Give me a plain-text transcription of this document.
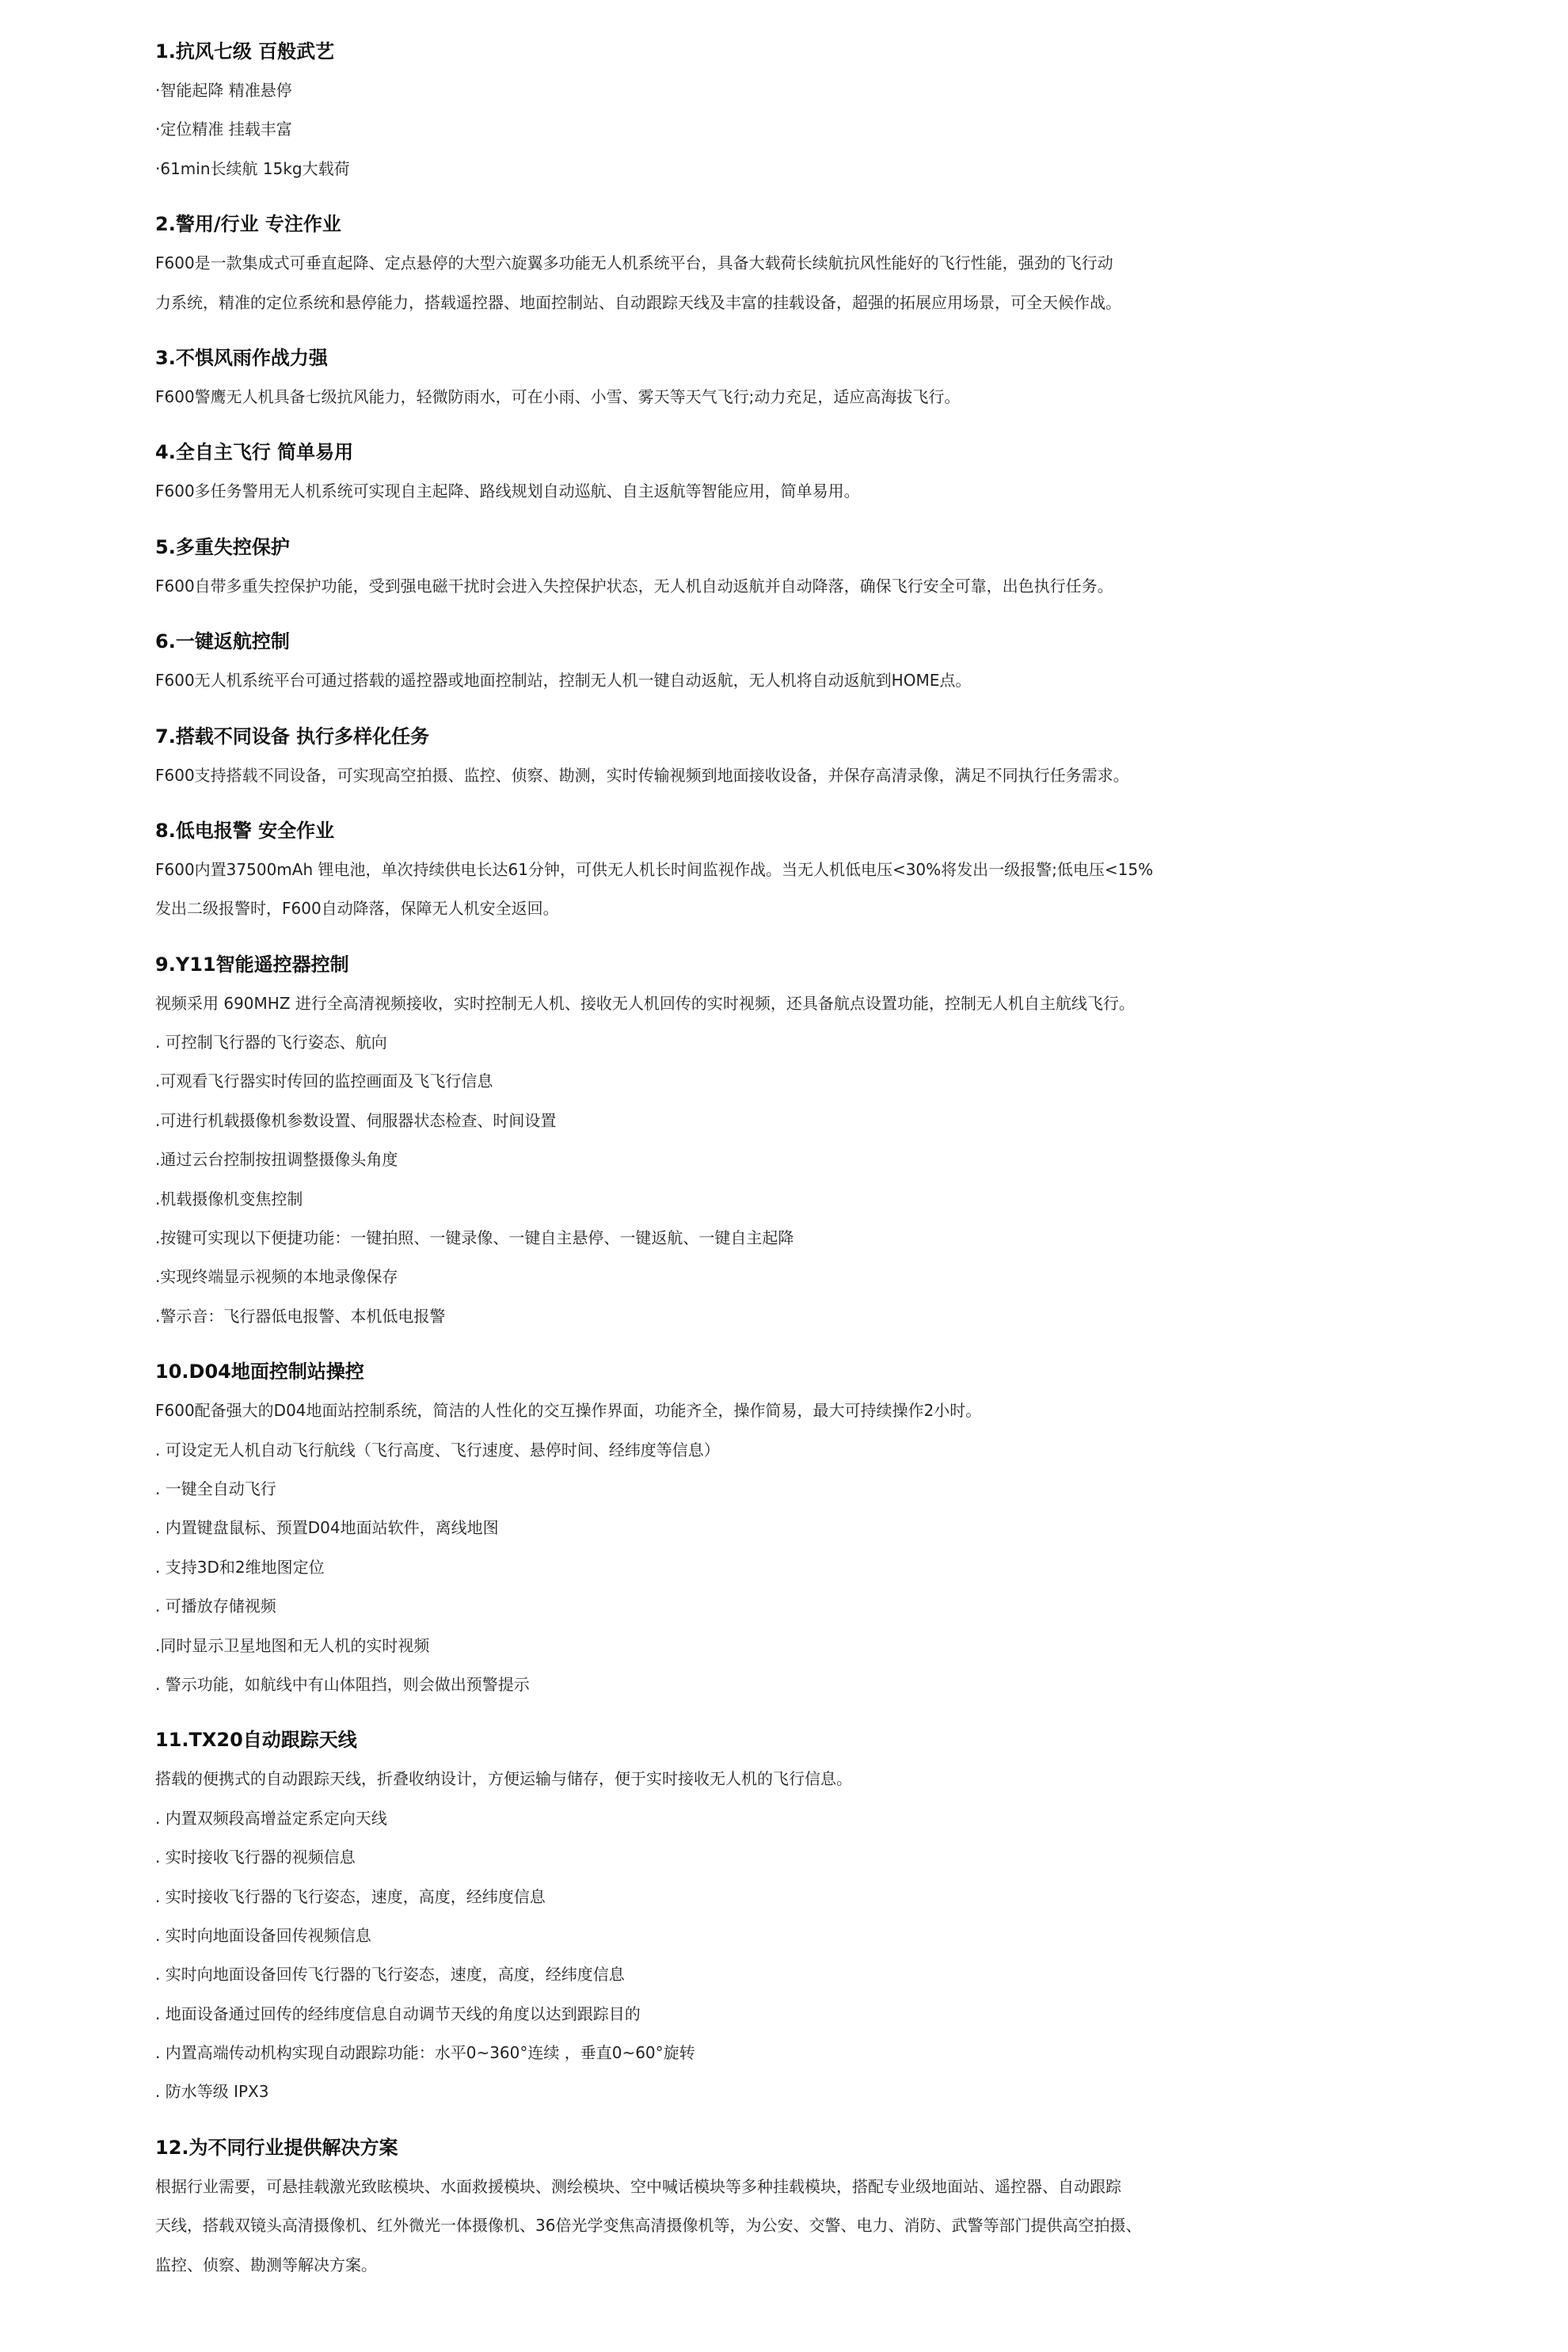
1.抗风七级 百般武艺
·智能起降 精准悬停
·定位精准 挂载丰富
·61min长续航 15kg大载荷
2.警用/行业 专注作业
F600是一款集成式可垂直起降、定点悬停的大型六旋翼多功能无人机系统平台，具备大载荷长续航抗风性能好的飞行性能，强劲的飞行动
力系统，精准的定位系统和悬停能力，搭载遥控器、地面控制站、自动跟踪天线及丰富的挂载设备，超强的拓展应用场景，可全天候作战。
3.不惧风雨作战力强
F600警鹰无人机具备七级抗风能力，轻微防雨水，可在小雨、小雪、雾天等天气飞行;动力充足，适应高海拔飞行。
4.全自主飞行 简单易用
F600多任务警用无人机系统可实现自主起降、路线规划自动巡航、自主返航等智能应用，简单易用。
5.多重失控保护
F600自带多重失控保护功能，受到强电磁干扰时会进入失控保护状态，无人机自动返航并自动降落，确保飞行安全可靠，出色执行任务。
6.一键返航控制
F600无人机系统平台可通过搭载的遥控器或地面控制站，控制无人机一键自动返航，无人机将自动返航到HOME点。
7.搭载不同设备 执行多样化任务
F600支持搭载不同设备，可实现高空拍摄、监控、侦察、勘测，实时传输视频到地面接收设备，并保存高清录像，满足不同执行任务需求。
8.低电报警 安全作业
F600内置37500mAh 锂电池，单次持续供电长达61分钟，可供无人机长时间监视作战。当无人机低电压<30%将发出一级报警;低电压<15%
发出二级报警时，F600自动降落，保障无人机安全返回。
9.Y11智能遥控器控制
视频采用 690MHZ 进行全高清视频接收，实时控制无人机、接收无人机回传的实时视频，还具备航点设置功能，控制无人机自主航线飞行。
. 可控制飞行器的飞行姿态、航向
.可观看飞行器实时传回的监控画面及飞飞行信息
.可进行机载摄像机参数设置、伺服器状态检查、时间设置
.通过云台控制按扭调整摄像头角度
.机载摄像机变焦控制
.按键可实现以下便捷功能：一键拍照、一键录像、一键自主悬停、一键返航、一键自主起降
.实现终端显示视频的本地录像保存
.警示音：飞行器低电报警、本机低电报警
10.D04地面控制站操控
F600配备强大的D04地面站控制系统，简洁的人性化的交互操作界面，功能齐全，操作简易，最大可持续操作2小时。
. 可设定无人机自动飞行航线（飞行高度、飞行速度、悬停时间、经纬度等信息）
. 一键全自动飞行
. 内置键盘鼠标、预置D04地面站软件，离线地图
. 支持3D和2维地图定位
. 可播放存储视频
.同时显示卫星地图和无人机的实时视频
. 警示功能，如航线中有山体阻挡，则会做出预警提示
11.TX20自动跟踪天线
搭载的便携式的自动跟踪天线，折叠收纳设计，方便运输与储存，便于实时接收无人机的飞行信息。
. 内置双频段高增益定系定向天线
. 实时接收飞行器的视频信息
. 实时接收飞行器的飞行姿态，速度，高度，经纬度信息
. 实时向地面设备回传视频信息
. 实时向地面设备回传飞行器的飞行姿态，速度，高度，经纬度信息
. 地面设备通过回传的经纬度信息自动调节天线的角度以达到跟踪目的
. 内置高端传动机构实现自动跟踪功能：水平0~360°连续 ，垂直0~60°旋转
. 防水等级 IPX3
12.为不同行业提供解决方案
根据行业需要，可悬挂载激光致眩模块、水面救援模块、测绘模块、空中喊话模块等多种挂载模块，搭配专业级地面站、遥控器、自动跟踪
天线，搭载双镜头高清摄像机、红外微光一体摄像机、36倍光学变焦高清摄像机等，为公安、交警、电力、消防、武警等部门提供高空拍摄、
监控、侦察、勘测等解决方案。
